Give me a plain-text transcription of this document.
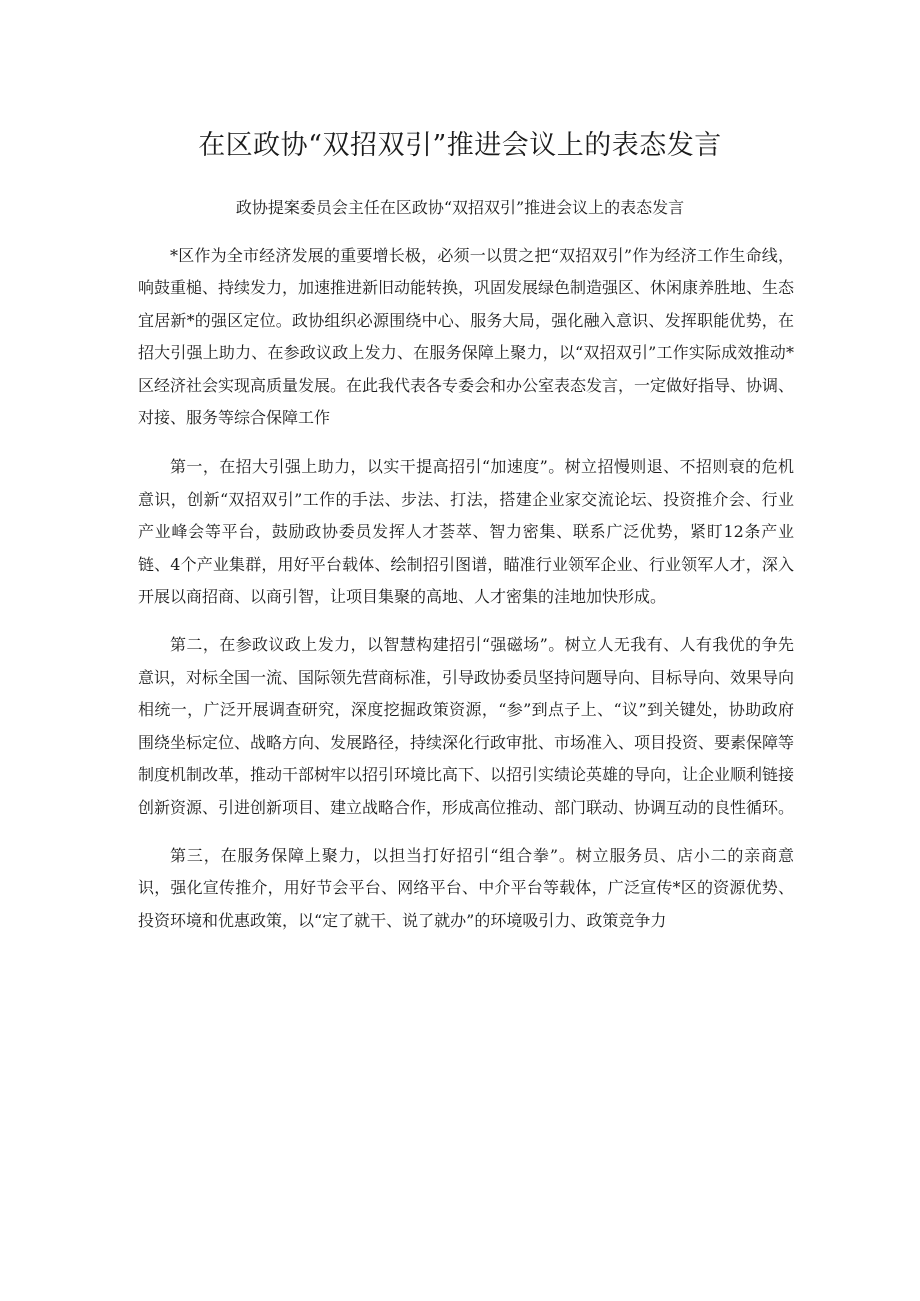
在区政协“双招双引”推进会议上的表态发言
政协提案委员会主任在区政协“双招双引”推进会议上的表态发言

*区作为全市经济发展的重要增长极，必须一以贯之把“双招双引”作为经济工作生命线，响鼓重槌、持续发力，加速推进新旧动能转换，巩固发展绿色制造强区、休闲康养胜地、生态宜居新*的强区定位。政协组织必源围绕中心、服务大局，强化融入意识、发挥职能优势，在招大引强上助力、在参政议政上发力、在服务保障上聚力，以“双招双引”工作实际成效推动*区经济社会实现高质量发展。在此我代表各专委会和办公室表态发言，一定做好指导、协调、对接、服务等综合保障工作

第一，在招大引强上助力，以实干提高招引“加速度”。树立招慢则退、不招则衰的危机意识，创新“双招双引”工作的手法、步法、打法，搭建企业家交流论坛、投资推介会、行业产业峰会等平台，鼓励政协委员发挥人才荟萃、智力密集、联系广泛优势，紧盯12条产业链、4个产业集群，用好平台载体、绘制招引图谱，瞄准行业领军企业、行业领军人才，深入开展以商招商、以商引智，让项目集聚的高地、人才密集的洼地加快形成。

第二，在参政议政上发力，以智慧构建招引“强磁场”。树立人无我有、人有我优的争先意识，对标全国一流、国际领先营商标准，引导政协委员坚持问题导向、目标导向、效果导向相统一，广泛开展调查研究，深度挖掘政策资源，“参”到点子上、“议”到关键处，协助政府围绕坐标定位、战略方向、发展路径，持续深化行政审批、市场准入、项目投资、要素保障等制度机制改革，推动干部树牢以招引环境比高下、以招引实绩论英雄的导向，让企业顺利链接创新资源、引进创新项目、建立战略合作，形成高位推动、部门联动、协调互动的良性循环。

第三，在服务保障上聚力，以担当打好招引“组合拳”。树立服务员、店小二的亲商意识，强化宣传推介，用好节会平台、网络平台、中介平台等载体，广泛宣传*区的资源优势、投资环境和优惠政策，以“定了就干、说了就办”的环境吸引力、政策竞争力
